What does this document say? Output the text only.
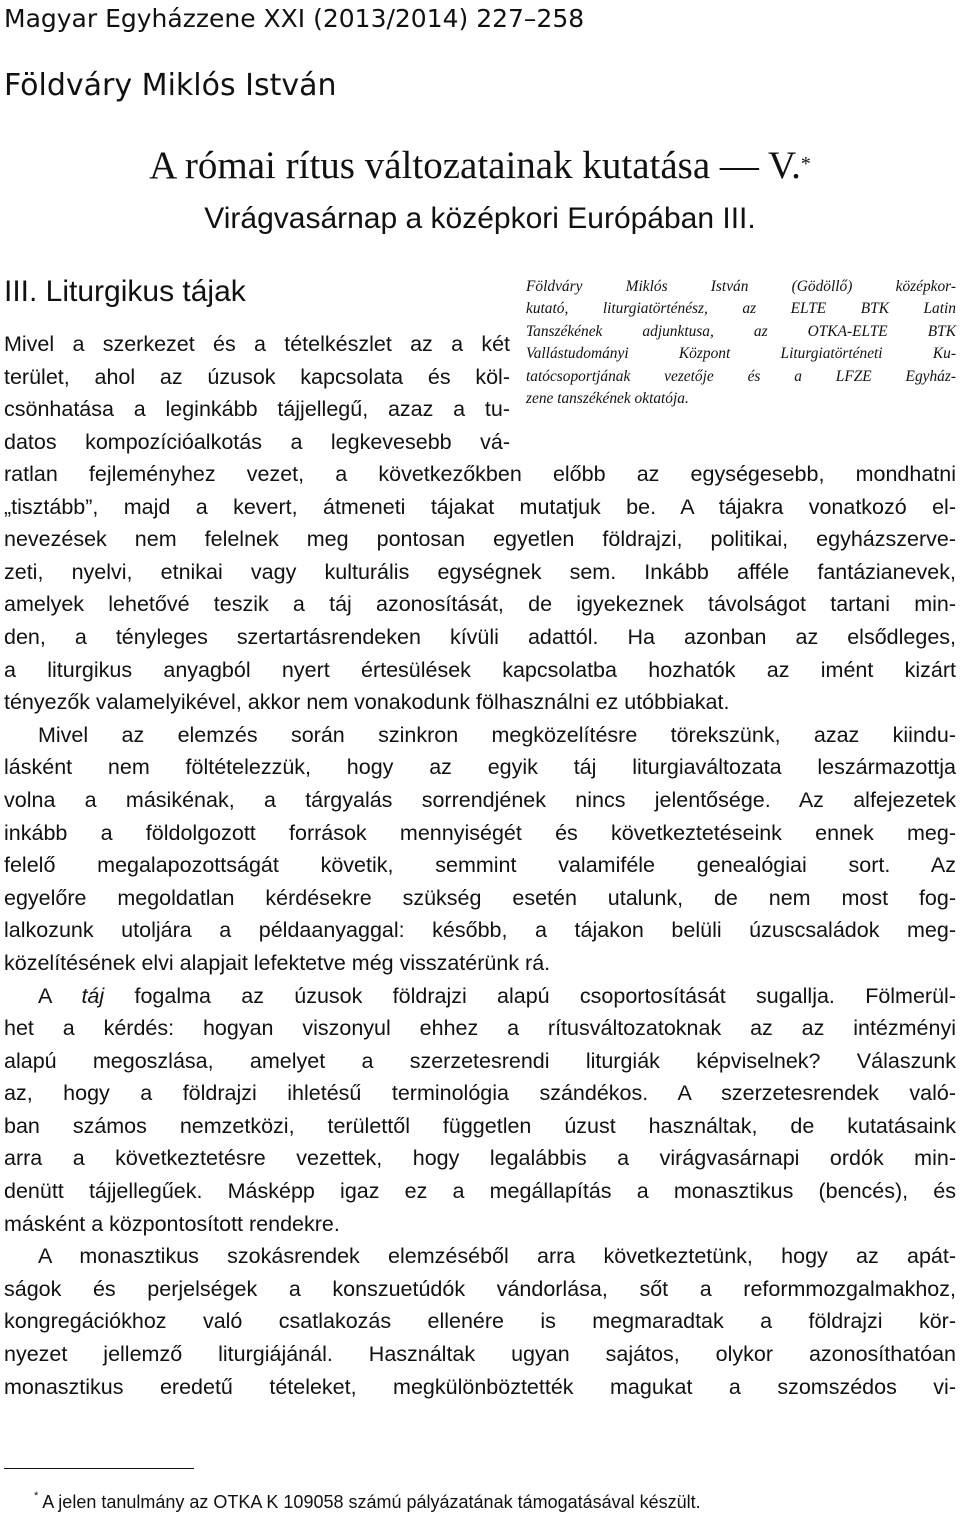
Magyar Egyházzene XXI (2013/2014) 227–258
Földváry Miklós István
A római rítus változatainak kutatása — V.*
Virágvasárnap a középkori Európában III.
III. Liturgikus tájak	Földváry Miklós István (Gödöllő) középkor-
kutató, liturgiatörténész, az ELTE BTK Latin
Tanszékének adjunktusa, az OTKA-ELTE BTK
Vallástudományi Központ Liturgiatörténeti Ku-
tatócsoportjának vezetője és a LFZE Egyház-
zene tanszékének oktatója.
Mivel a szerkezet és a tételkészlet az a két
terület, ahol az úzusok kapcsolata és köl-
csönhatása a leginkább tájjellegű, azaz a tu-
datos kompozícióalkotás a legkevesebb vá-
ratlan fejleményhez vezet, a következőkben előbb az egységesebb, mondhatni
„tisztább”, majd a kevert, átmeneti tájakat mutatjuk be. A tájakra vonatkozó el-
nevezések nem felelnek meg pontosan egyetlen földrajzi, politikai, egyházszerve-
zeti, nyelvi, etnikai vagy kulturális egységnek sem. Inkább afféle fantázianevek,
amelyek lehetővé teszik a táj azonosítását, de igyekeznek távolságot tartani min-
den, a tényleges szertartásrendeken kívüli adattól. Ha azonban az elsődleges,
a liturgikus anyagból nyert értesülések kapcsolatba hozhatók az imént kizárt
tényezők valamelyikével, akkor nem vonakodunk fölhasználni ez utóbbiakat.
Mivel az elemzés során szinkron megközelítésre törekszünk, azaz kiindu-
lásként nem föltételezzük, hogy az egyik táj liturgiaváltozata leszármazottja
volna a másikénak, a tárgyalás sorrendjének nincs jelentősége. Az alfejezetek
inkább a földolgozott források mennyiségét és következtetéseink ennek meg-
felelő megalapozottságát követik, semmint valamiféle genealógiai sort. Az
egyelőre megoldatlan kérdésekre szükség esetén utalunk, de nem most fog-
lalkozunk utoljára a példaanyaggal: később, a tájakon belüli úzuscsaládok meg-
közelítésének elvi alapjait lefektetve még visszatérünk rá.
A táj fogalma az úzusok földrajzi alapú csoportosítását sugallja. Fölmerül-
het a kérdés: hogyan viszonyul ehhez a rítusváltozatoknak az az intézményi
alapú megoszlása, amelyet a szerzetesrendi liturgiák képviselnek? Válaszunk
az, hogy a földrajzi ihletésű terminológia szándékos. A szerzetesrendek való-
ban számos nemzetközi, területtől független úzust használtak, de kutatásaink
arra a következtetésre vezettek, hogy legalábbis a virágvasárnapi ordók min-
denütt tájjellegűek. Másképp igaz ez a megállapítás a monasztikus (bencés), és
másként a központosított rendekre.
A monasztikus szokásrendek elemzéséből arra következtetünk, hogy az apát-
ságok és perjelségek a konszuetúdók vándorlása, sőt a reformmozgalmakhoz,
kongregációkhoz való csatlakozás ellenére is megmaradtak a földrajzi kör-
nyezet jellemző liturgiájánál. Használtak ugyan sajátos, olykor azonosíthatóan
monasztikus eredetű tételeket, megkülönböztették magukat a szomszédos vi-
* A jelen tanulmány az OTKA K 109058 számú pályázatának támogatásával készült.
